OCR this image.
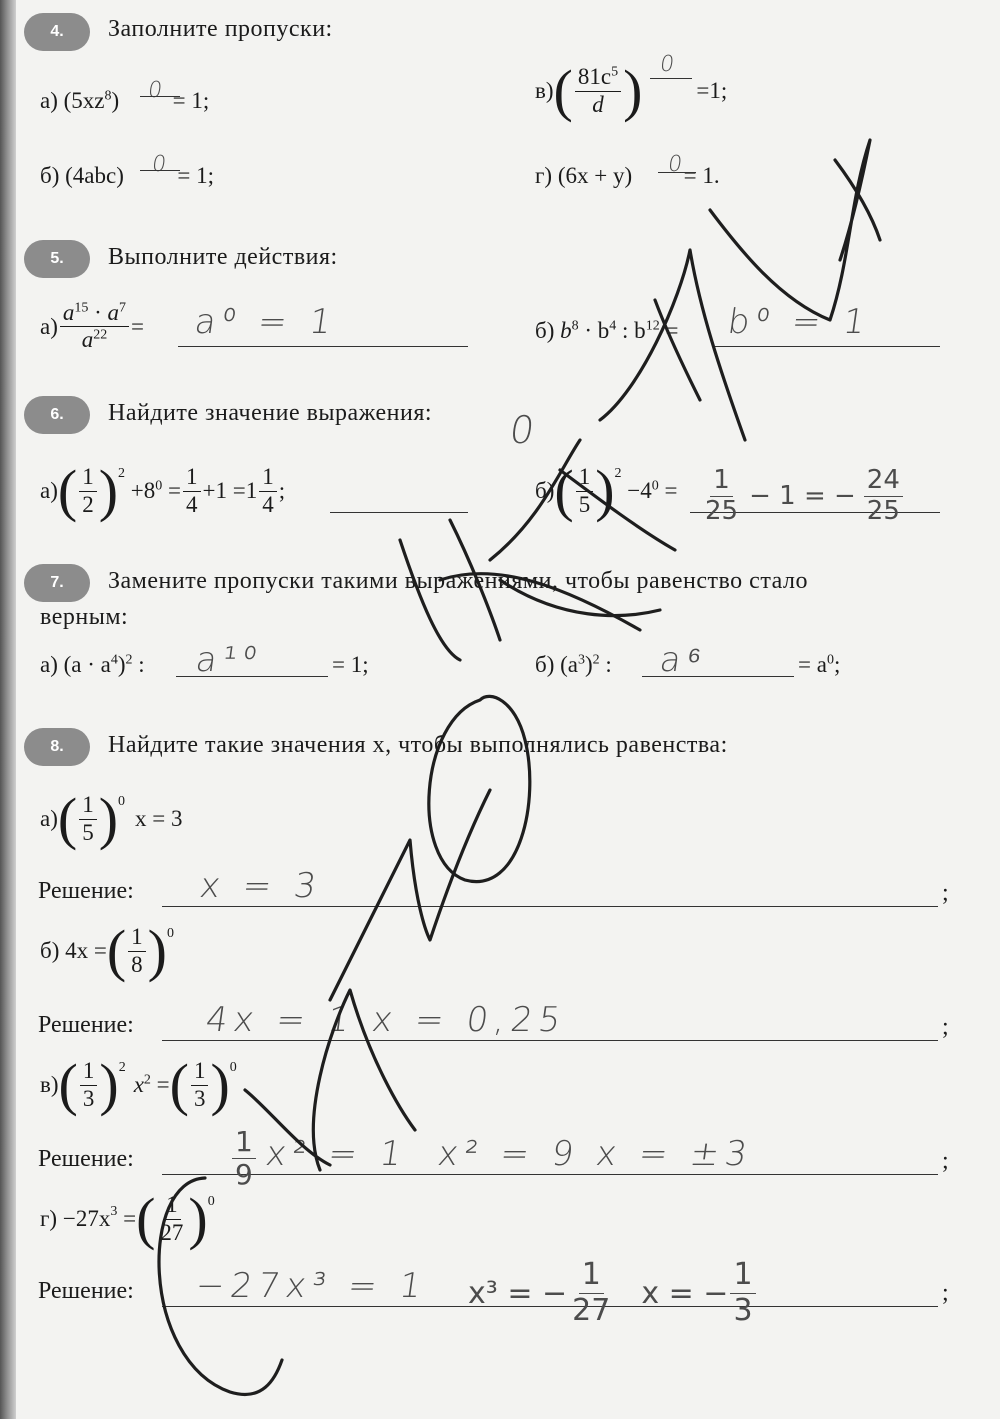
4.	Заполните пропуски:
а) $(5xz^8) = 1$;
0
б) (4abc) = 1;
0
в) ( $\frac{81c^5}{d}$ ) =1;
0
г) (6x + y) = 1.
0
5.	Выполните действия:
$а) \frac{a^{15} \cdot a^7}{a^{22}} = a^0 = 1$	б) $b^8 \cdot b^4$ : $b^{12} = b^0 = 1$
6.	Найдите значение выражения: 0
а) ( $\frac{1}{2} )^2$
$+8^0 = \frac{1}{4} +1 =1 \frac{1}{4}$ ;	б) ( $\frac{1}{5} )^2$
$-4^0 = \frac{1}{25} - 1$ = − $\frac{24}{25}$
7.	Замените пропуски такими выражениями, чтобы равенство стало
верным:
а) $(a \cdot a^4)^2$ : a¹⁰	= 1;	б) $(a^3)^2$ : a⁶	= $a^0$;
8.	Найдите такие значения x, чтобы выполнялись равенства:
а) ( $\frac{1}{5} )^0$
x = 3
Решение: x = 3	;
б) 4x = ( $\frac{1}{8} )^0$
Решение: 4x = 1 x = 0,25	;
в) ( $\frac{1}{3} )^2$
$x^2$ = ( $\frac{1}{3} )^0$
Решение:	$\frac{1}{9} x^2 = 1$ x² = 9 x = ±3	;
$г) -27x^3$ = ( $\frac{1}{27} )^0$
Решение: −27x³ = 1 x³ = − $\frac{1}{27}$ x = − $\frac{1}{3}$	;
